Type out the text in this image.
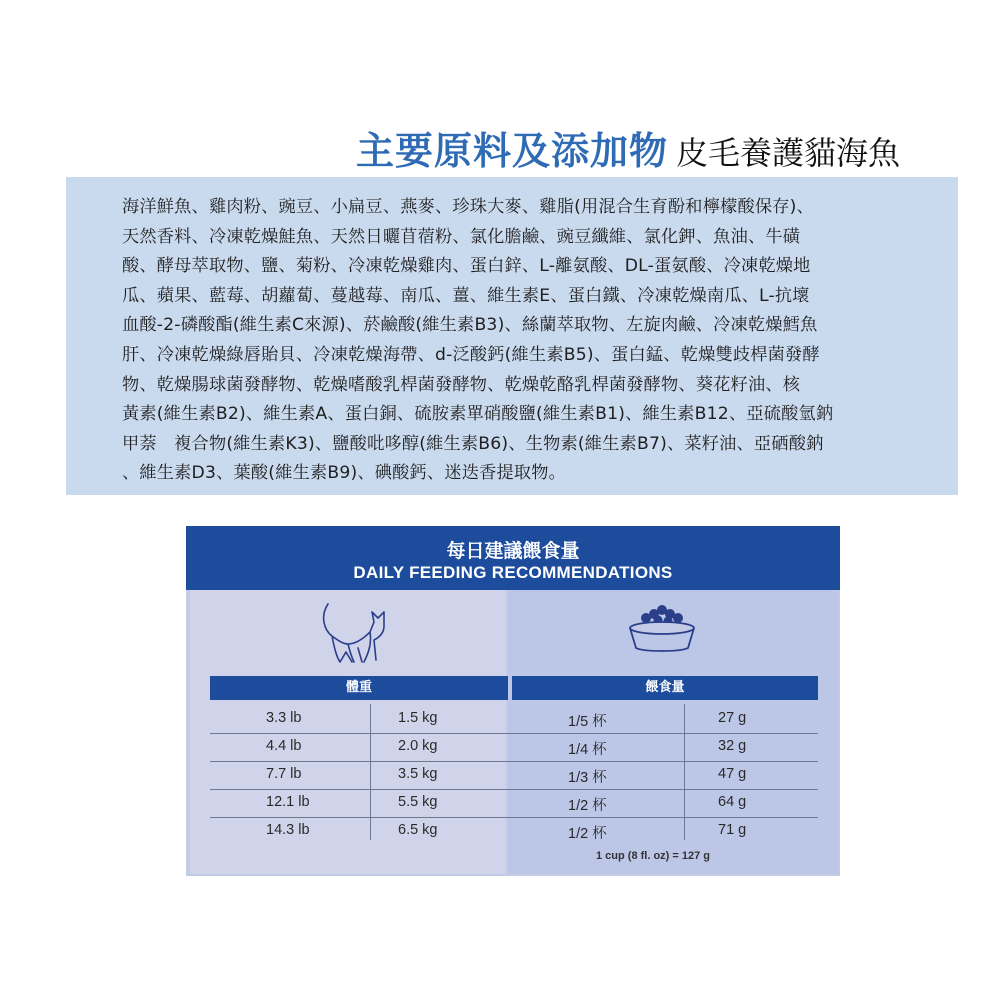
主要原料及添加物 皮毛養護貓海魚

海洋鮮魚、雞肉粉、豌豆、小扁豆、燕麥、珍珠大麥、雞脂(用混合生育酚和檸檬酸保存)、
天然香料、冷凍乾燥鮭魚、天然日曬苜蓿粉、氯化膽鹼、豌豆纖維、氯化鉀、魚油、牛磺
酸、酵母萃取物、鹽、菊粉、冷凍乾燥雞肉、蛋白鋅、L-離氨酸、DL-蛋氨酸、冷凍乾燥地
瓜、蘋果、藍莓、胡蘿蔔、蔓越莓、南瓜、薑、維生素E、蛋白鐵、冷凍乾燥南瓜、L-抗壞
血酸-2-磷酸酯(維生素C來源)、菸鹼酸(維生素B3)、絲蘭萃取物、左旋肉鹼、冷凍乾燥鱈魚
肝、冷凍乾燥綠唇貽貝、冷凍乾燥海帶、d-泛酸鈣(維生素B5)、蛋白錳、乾燥雙歧桿菌發酵
物、乾燥腸球菌發酵物、乾燥嗜酸乳桿菌發酵物、乾燥乾酪乳桿菌發酵物、葵花籽油、核
黃素(維生素B2)、維生素A、蛋白銅、硫胺素單硝酸鹽(維生素B1)、維生素B12、亞硫酸氫鈉
甲萘　複合物(維生素K3)、鹽酸吡哆醇(維生素B6)、生物素(維生素B7)、菜籽油、亞硒酸鈉
、維生素D3、葉酸(維生素B9)、碘酸鈣、迷迭香提取物。

每日建議餵食量
DAILY FEEDING RECOMMENDATIONS
體重	餵食量
3.3 lb	1.5 kg	1/5 杯	27 g
4.4 lb	2.0 kg	1/4 杯	32 g
7.7 lb	3.5 kg	1/3 杯	47 g
12.1 lb	5.5 kg	1/2 杯	64 g
14.3 lb	6.5 kg	1/2 杯	71 g
1 cup (8 fl. oz) = 127 g
